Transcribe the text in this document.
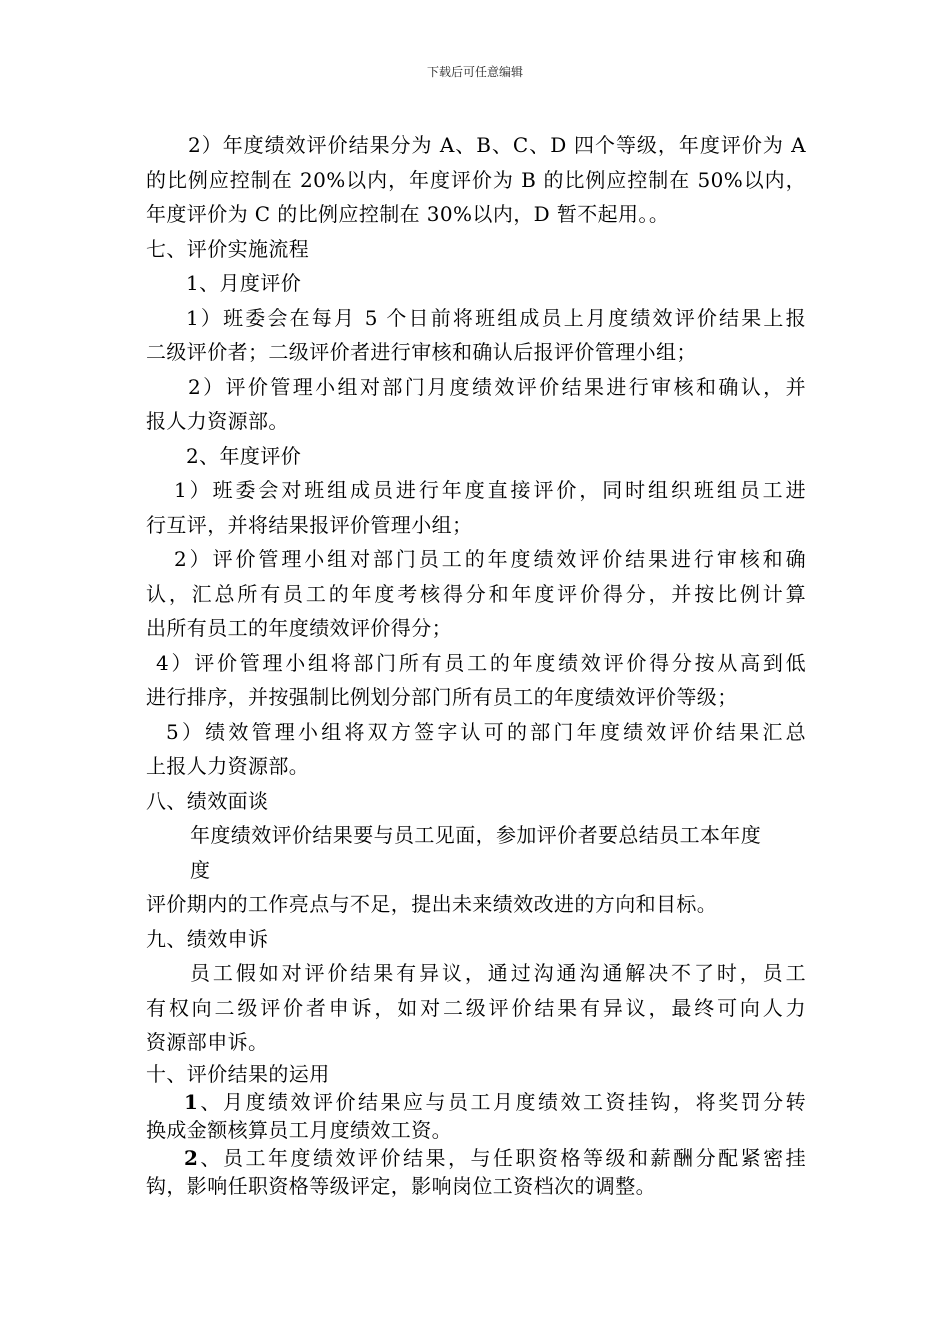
下载后可任意编辑
2）年度绩效评价结果分为 A、B、C、D 四个等级，年度评价为 A
的比例应控制在 20%以内，年度评价为 B 的比例应控制在 50%以内，
年度评价为 C 的比例应控制在 30%以内，D 暂不起用。。
七、评价实施流程
1、月度评价
1）班委会在每月 5 个日前将班组成员上月度绩效评价结果上报
二级评价者；二级评价者进行审核和确认后报评价管理小组；
2）评价管理小组对部门月度绩效评价结果进行审核和确认，并
报人力资源部。
2、年度评价
1）班委会对班组成员进行年度直接评价，同时组织班组员工进
行互评，并将结果报评价管理小组；
2）评价管理小组对部门员工的年度绩效评价结果进行审核和确
认，汇总所有员工的年度考核得分和年度评价得分，并按比例计算
出所有员工的年度绩效评价得分；
4）评价管理小组将部门所有员工的年度绩效评价得分按从高到低
进行排序，并按强制比例划分部门所有员工的年度绩效评价等级；
5）绩效管理小组将双方签字认可的部门年度绩效评价结果汇总
上报人力资源部。
八、绩效面谈
年度绩效评价结果要与员工见面，参加评价者要总结员工本年度
度
评价期内的工作亮点与不足，提出未来绩效改进的方向和目标。
九、绩效申诉
员工假如对评价结果有异议，通过沟通沟通解决不了时，员工
有权向二级评价者申诉，如对二级评价结果有异议，最终可向人力
资源部申诉。
十、评价结果的运用
1、月度绩效评价结果应与员工月度绩效工资挂钩，将奖罚分转
换成金额核算员工月度绩效工资。
2、员工年度绩效评价结果，与任职资格等级和薪酬分配紧密挂
钩，影响任职资格等级评定，影响岗位工资档次的调整。
